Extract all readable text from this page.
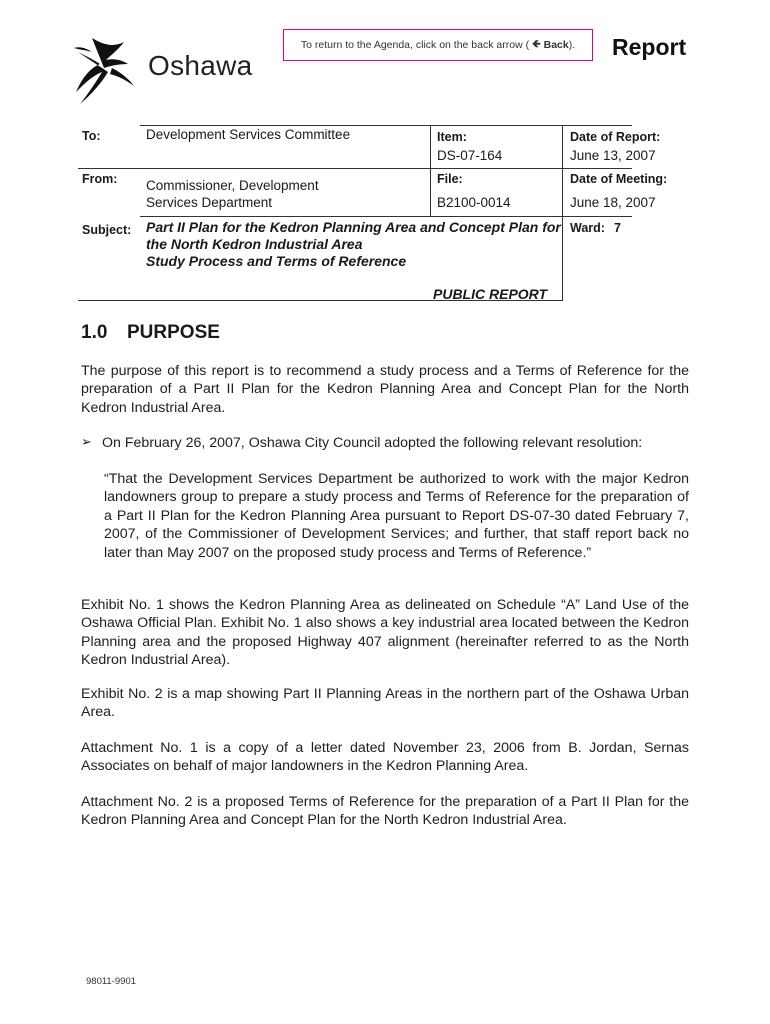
Oshawa
To return to the Agenda, click on the back arrow ( 🡸 Back ). Report
To:	Development Services Committee
From: Commissioner, Development
Services Department
Subject: Part II Plan for the Kedron Planning Area and Concept Plan for
the North Kedron Industrial Area
Study Process and Terms of Reference
PUBLIC REPORT
Item:
DS-07-164
File:
B2100-0014
Date of Report:
June 13, 2007
Date of Meeting:
June 18, 2007
Ward: 7
1.0 PURPOSE
The purpose of this report is to recommend a study process and a Terms of Reference for the preparation of a Part II Plan for the Kedron Planning Area and Concept Plan for the North Kedron Industrial Area.
➢ On February 26, 2007, Oshawa City Council adopted the following relevant resolution:
“That the Development Services Department be authorized to work with the major Kedron landowners group to prepare a study process and Terms of Reference for the preparation of a Part II Plan for the Kedron Planning Area pursuant to Report DS-07-30 dated February 7, 2007, of the Commissioner of Development Services; and further, that staff report back no later than May 2007 on the proposed study process and Terms of Reference.”
Exhibit No. 1 shows the Kedron Planning Area as delineated on Schedule “A” Land Use of the Oshawa Official Plan. Exhibit No. 1 also shows a key industrial area located between the Kedron Planning area and the proposed Highway 407 alignment (hereinafter referred to as the North Kedron Industrial Area).
Exhibit No. 2 is a map showing Part II Planning Areas in the northern part of the Oshawa Urban Area.
Attachment No. 1 is a copy of a letter dated November 23, 2006 from B. Jordan, Sernas Associates on behalf of major landowners in the Kedron Planning Area.
Attachment No. 2 is a proposed Terms of Reference for the preparation of a Part II Plan for the Kedron Planning Area and Concept Plan for the North Kedron Industrial Area.
98011-9901
